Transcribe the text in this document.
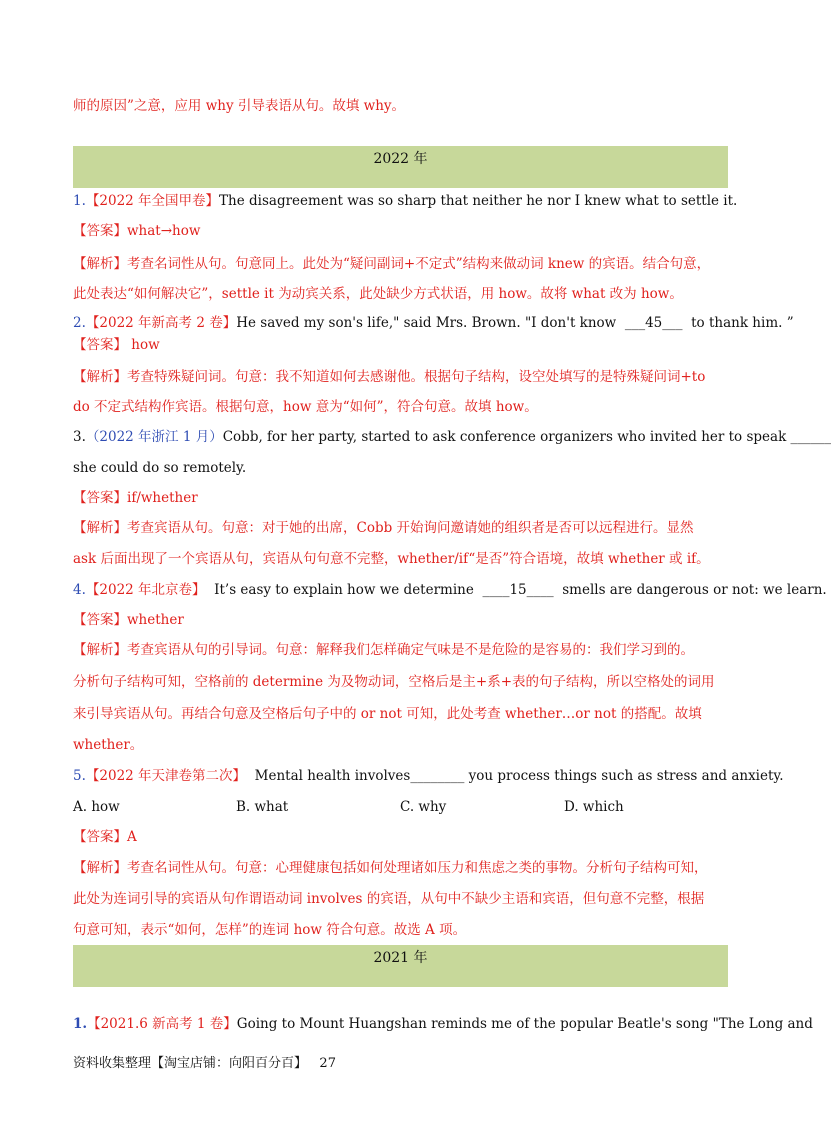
师的原因”之意，应用 why 引导表语从句。故填 why。
2022 年
1.【2022 年全国甲卷】The disagreement was so sharp that neither he nor I knew what to settle it.
【答案】what→how
【解析】考查名词性从句。句意同上。此处为“疑问副词+不定式”结构来做动词 knew 的宾语。结合句意，
此处表达“如何解决它”，settle it 为动宾关系，此处缺少方式状语，用 how。故将 what 改为 how。
2.【2022 年新高考 2 卷】He saved my son's life," said Mrs. Brown. "I don't know ___45___ to thank him. ”
【答案】 how
【解析】考查特殊疑问词。句意：我不知道如何去感谢他。根据句子结构，设空处填写的是特殊疑问词+to
do 不定式结构作宾语。根据句意，how 意为“如何”，符合句意。故填 how。
3.（2022 年浙江 1 月）Cobb, for her party, started to ask conference organizers who invited her to speak ______
she could do so remotely.
【答案】if/whether
【解析】考查宾语从句。句意：对于她的出席，Cobb 开始询问邀请她的组织者是否可以远程进行。显然
ask 后面出现了一个宾语从句，宾语从句句意不完整，whether/if“是否”符合语境，故填 whether 或 if。
4.【2022 年北京卷】 It’s easy to explain how we determine ____15____ smells are dangerous or not: we learn.
【答案】whether
【解析】考查宾语从句的引导词。句意：解释我们怎样确定气味是不是危险的是容易的：我们学习到的。
分析句子结构可知，空格前的 determine 为及物动词，空格后是主+系+表的句子结构，所以空格处的词用
来引导宾语从句。再结合句意及空格后句子中的 or not 可知，此处考查 whether…or not 的搭配。故填
whether。
5.【2022 年天津卷第二次】 Mental health involves________ you process things such as stress and anxiety.
A. how	B. what	C. why	D. which
【答案】A
【解析】考查名词性从句。句意：心理健康包括如何处理诸如压力和焦虑之类的事物。分析句子结构可知，
此处为连词引导的宾语从句作谓语动词 involves 的宾语，从句中不缺少主语和宾语，但句意不完整，根据
句意可知，表示“如何，怎样”的连词 how 符合句意。故选 A 项。
2021 年
1.【2021.6 新高考 1 卷】Going to Mount Huangshan reminds me of the popular Beatle's song "The Long and
资料收集整理【淘宝店铺：向阳百分百】 27
